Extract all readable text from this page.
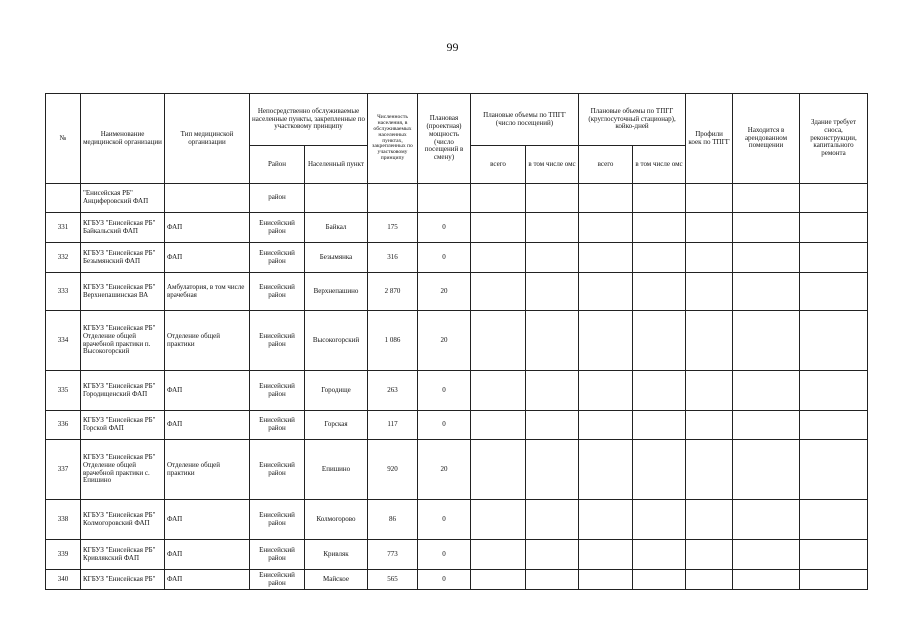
99
№	Наименование медицинской организации	Тип медицинской организации	Непосредственно обслуживаемые населенные пункты, закрепленные по участковому принципу		Численность населения, в обслуживаемых населенных пунктах, закрепленных по участковому принципу	Плановая (проектная) мощность (число посещений в смену)	Плановые объемы по ТПГГ (число посещений)		Плановые объемы по ТПГГ (круглосуточный стационар), койко-дней		Профили коек по ТПГГ	Находится в арендованном помещении	Здание требует сноса, реконструкции, капитального ремонта
			Район	Населенный пункт			всего	в том числе омс	всего	в том числе омс			
	"Енисейская РБ" Анциферовский ФАП		район										
331	КГБУЗ "Енисейская РБ" Байкальский ФАП	ФАП	Енисейский район	Байкал	175	0							
332	КГБУЗ "Енисейская РБ" Безымянский ФАП	ФАП	Енисейский район	Безымянка	316	0							
333	КГБУЗ "Енисейская РБ" Верхнепашинская ВА	Амбулатория, в том числе врачебная	Енисейский район	Верхнепашино	2 870	20							
334	КГБУЗ "Енисейская РБ" Отделение общей врачебной практики п. Высокогорский	Отделение общей практики	Енисейский район	Высокогорский	1 086	20							
335	КГБУЗ "Енисейская РБ" Городищенский ФАП	ФАП	Енисейский район	Городище	263	0							
336	КГБУЗ "Енисейская РБ" Горской ФАП	ФАП	Енисейский район	Горская	117	0							
337	КГБУЗ "Енисейская РБ" Отделение общей врачебной практики с. Епишино	Отделение общей практики	Енисейский район	Епишино	920	20							
338	КГБУЗ "Енисейская РБ" Колмогоровский ФАП	ФАП	Енисейский район	Колмогорово	86	0							
339	КГБУЗ "Енисейская РБ" Кривлякский ФАП	ФАП	Енисейский район	Кривляк	773	0							
340	КГБУЗ "Енисейская РБ"	ФАП	Енисейский район	Майское	565	0							
